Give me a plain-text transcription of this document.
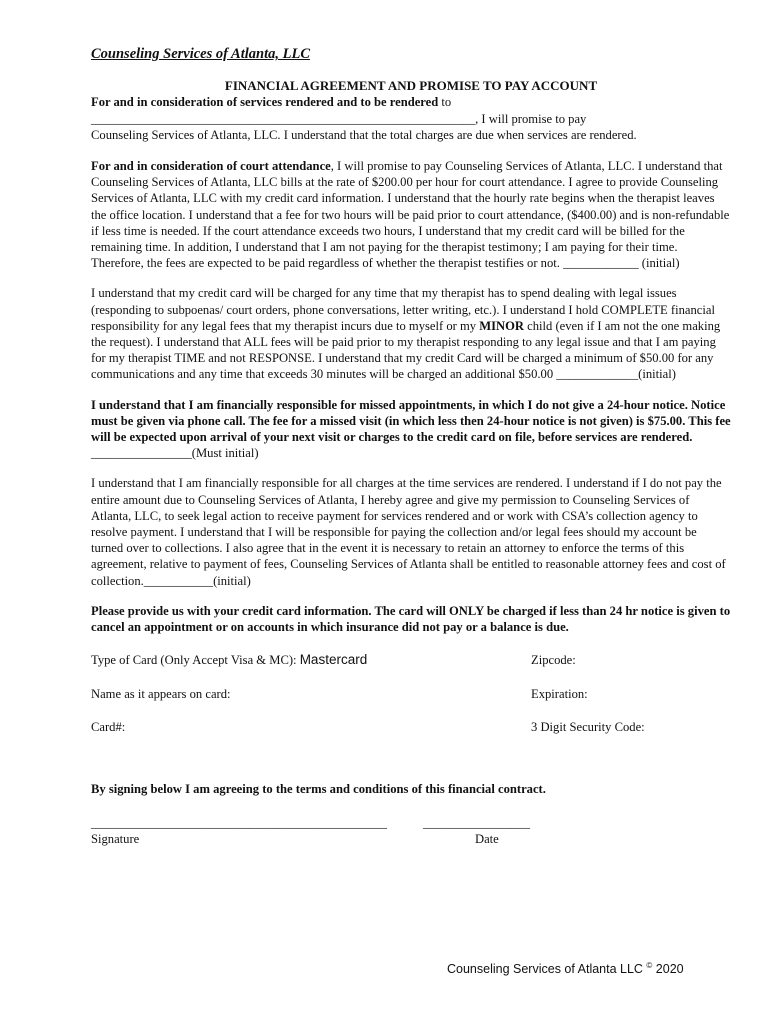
Counseling Services of Atlanta, LLC
FINANCIAL AGREEMENT AND PROMISE TO PAY ACCOUNT

For and in consideration of services rendered and to be rendered to
_____________________________________________________________, I will promise to pay
Counseling Services of Atlanta, LLC. I understand that the total charges are due when services are rendered.

For and in consideration of court attendance, I will promise to pay Counseling Services of Atlanta, LLC. I understand that Counseling Services of Atlanta, LLC bills at the rate of $200.00 per hour for court attendance. I agree to provide Counseling Services of Atlanta, LLC with my credit card information. I understand that the hourly rate begins when the therapist leaves the office location. I understand that a fee for two hours will be paid prior to court attendance, ($400.00) and is non-refundable if less time is needed. If the court attendance exceeds two hours, I understand that my credit card will be billed for the remaining time. In addition, I understand that I am not paying for the therapist testimony; I am paying for their time. Therefore, the fees are expected to be paid regardless of whether the therapist testifies or not. ____________ (initial)

I understand that my credit card will be charged for any time that my therapist has to spend dealing with legal issues (responding to subpoenas/ court orders, phone conversations, letter writing, etc.). I understand I hold COMPLETE financial responsibility for any legal fees that my therapist incurs due to myself or my MINOR child (even if I am not the one making the request). I understand that ALL fees will be paid prior to my therapist responding to any legal issue and that I am paying for my therapist TIME and not RESPONSE. I understand that my credit Card will be charged a minimum of $50.00 for any communications and any time that exceeds 30 minutes will be charged an additional $50.00 _____________(initial)

I understand that I am financially responsible for missed appointments, in which I do not give a 24-hour notice. Notice must be given via phone call. The fee for a missed visit (in which less then 24-hour notice is not given) is $75.00. This fee will be expected upon arrival of your next visit or charges to the credit card on file, before services are rendered. ________________(Must initial)

I understand that I am financially responsible for all charges at the time services are rendered. I understand if I do not pay the entire amount due to Counseling Services of Atlanta, I hereby agree and give my permission to Counseling Services of Atlanta, LLC, to seek legal action to receive payment for services rendered and or work with CSA’s collection agency to resolve payment. I understand that I will be responsible for paying the collection and/or legal fees should my account be turned over to collections. I also agree that in the event it is necessary to retain an attorney to enforce the terms of this agreement, relative to payment of fees, Counseling Services of Atlanta shall be entitled to reasonable attorney fees and cost of collection.___________(initial)

Please provide us with your credit card information. The card will ONLY be charged if less than 24 hr notice is given to cancel an appointment or on accounts in which insurance did not pay or a balance is due.

Type of Card (Only Accept Visa & MC): Mastercard	Zipcode:
Name as it appears on card:	Expiration:
Card#:	3 Digit Security Code:

By signing below I am agreeing to the terms and conditions of this financial contract.

_______________________________________________	_________________
Signature	Date
Counseling Services of Atlanta LLC © 2020
